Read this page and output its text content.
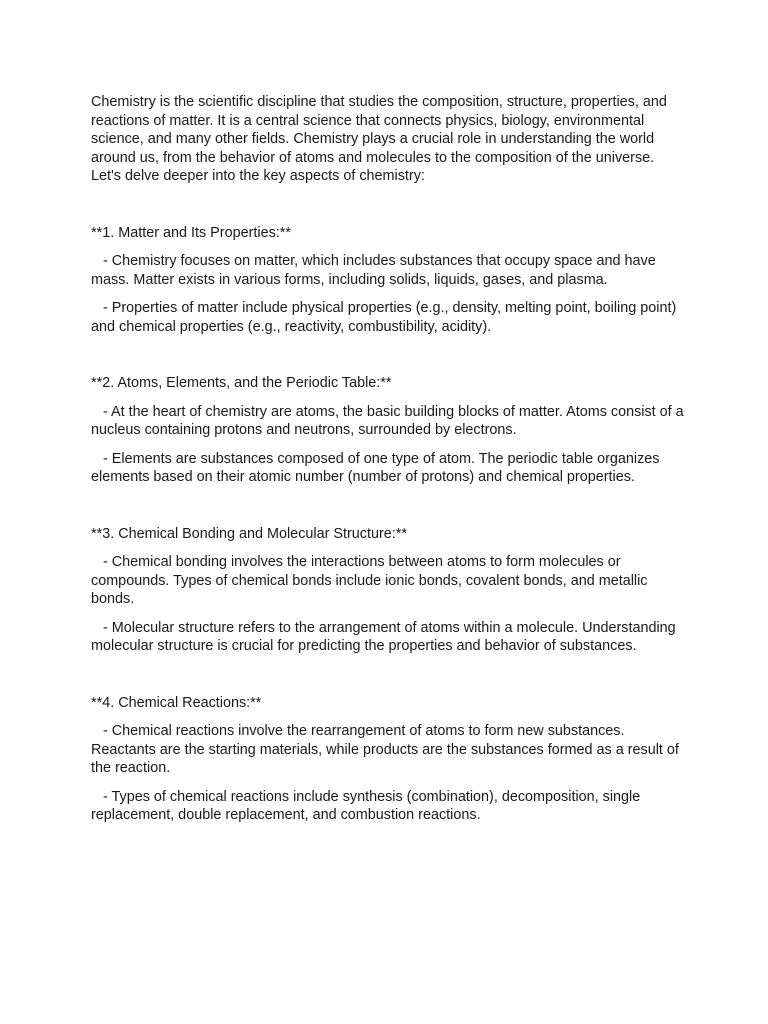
Chemistry is the scientific discipline that studies the composition, structure, properties, and reactions of matter. It is a central science that connects physics, biology, environmental science, and many other fields. Chemistry plays a crucial role in understanding the world around us, from the behavior of atoms and molecules to the composition of the universe. Let's delve deeper into the key aspects of chemistry:

**1. Matter and Its Properties:**

- Chemistry focuses on matter, which includes substances that occupy space and have mass. Matter exists in various forms, including solids, liquids, gases, and plasma.

- Properties of matter include physical properties (e.g., density, melting point, boiling point) and chemical properties (e.g., reactivity, combustibility, acidity).

**2. Atoms, Elements, and the Periodic Table:**

- At the heart of chemistry are atoms, the basic building blocks of matter. Atoms consist of a nucleus containing protons and neutrons, surrounded by electrons.

- Elements are substances composed of one type of atom. The periodic table organizes elements based on their atomic number (number of protons) and chemical properties.

**3. Chemical Bonding and Molecular Structure:**

- Chemical bonding involves the interactions between atoms to form molecules or compounds. Types of chemical bonds include ionic bonds, covalent bonds, and metallic bonds.

- Molecular structure refers to the arrangement of atoms within a molecule. Understanding molecular structure is crucial for predicting the properties and behavior of substances.

**4. Chemical Reactions:**

- Chemical reactions involve the rearrangement of atoms to form new substances. Reactants are the starting materials, while products are the substances formed as a result of the reaction.

- Types of chemical reactions include synthesis (combination), decomposition, single replacement, double replacement, and combustion reactions.
